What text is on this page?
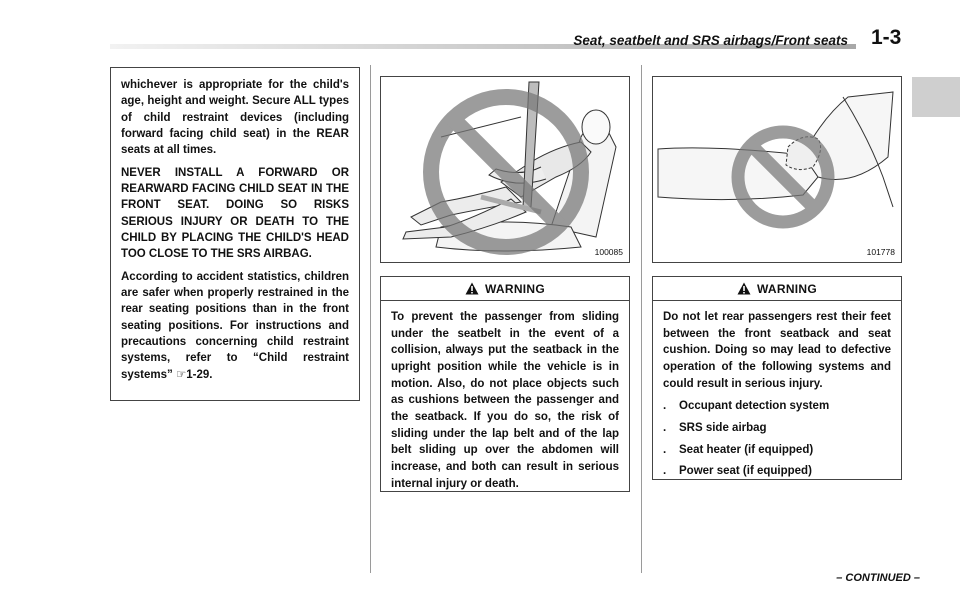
Seat, seatbelt and SRS airbags/Front seats 1-3

whichever is appropriate for the child's age, height and weight. Secure ALL types of child restraint devices (including forward facing child seat) in the REAR seats at all times.

NEVER INSTALL A FORWARD OR REARWARD FACING CHILD SEAT IN THE FRONT SEAT. DOING SO RISKS SERIOUS INJURY OR DEATH TO THE CHILD BY PLACING THE CHILD'S HEAD TOO CLOSE TO THE SRS AIRBAG.

According to accident statistics, children are safer when properly restrained in the rear seating positions than in the front seating positions. For instructions and precautions concerning child restraint systems, refer to “Child restraint systems” ☞1-29.

100085	101778
WARNING
To prevent the passenger from sliding under the seatbelt in the event of a collision, always put the seatback in the upright position while the vehicle is in motion. Also, do not place objects such as cushions between the passenger and the seatback. If you do so, the risk of sliding under the lap belt and of the lap belt sliding up over the abdomen will increase, and both can result in serious internal injury or death.
WARNING
Do not let rear passengers rest their feet between the front seatback and seat cushion. Doing so may lead to defective operation of the following systems and could result in serious injury.
. Occupant detection system
. SRS side airbag
. Seat heater (if equipped)
. Power seat (if equipped)
– CONTINUED –
